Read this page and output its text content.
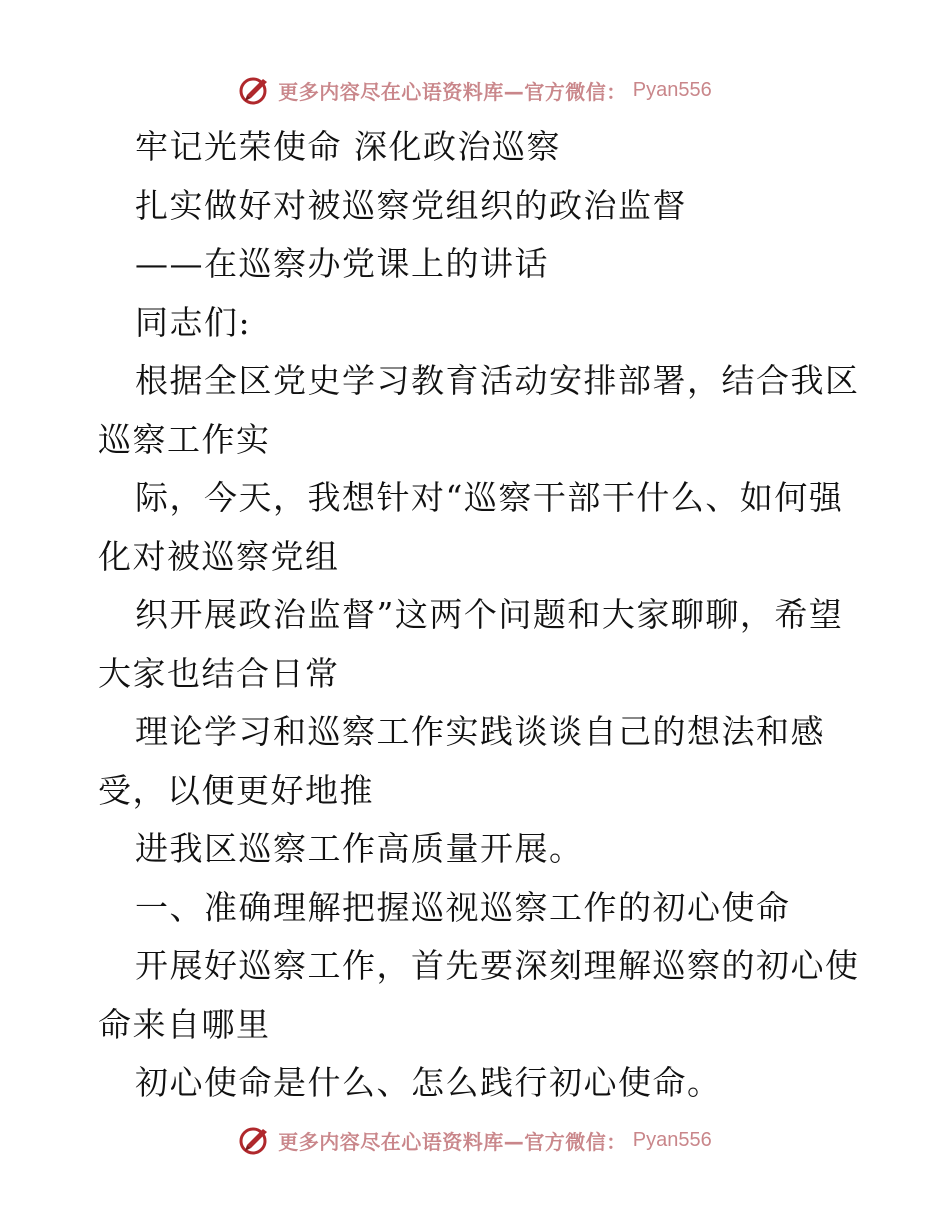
更多内容尽在心语资料库—官方微信： Pyan556
牢记光荣使命 深化政治巡察
扎实做好对被巡察党组织的政治监督
——在巡察办党课上的讲话
同志们:
根据全区党史学习教育活动安排部署，结合我区
巡察工作实
际，今天，我想针对“巡察干部干什么、如何强
化对被巡察党组
织开展政治监督”这两个问题和大家聊聊，希望
大家也结合日常
理论学习和巡察工作实践谈谈自己的想法和感
受，以便更好地推
进我区巡察工作高质量开展。
一、准确理解把握巡视巡察工作的初心使命
开展好巡察工作，首先要深刻理解巡察的初心使
命来自哪里
初心使命是什么、怎么践行初心使命。
更多内容尽在心语资料库—官方微信： Pyan556
